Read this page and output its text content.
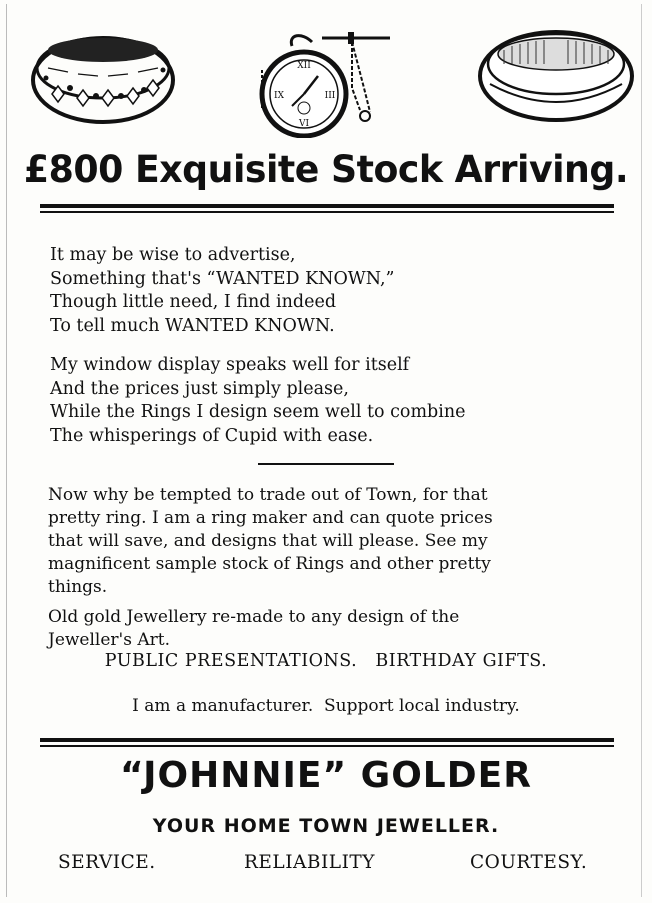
XII
III
VI
IX
£800 Exquisite Stock Arriving.
It may be wise to advertise,
Something that's “WANTED KNOWN,”
Though little need, I find indeed
To tell much WANTED KNOWN.
My window display speaks well for itself
And the prices just simply please,
While the Rings I design seem well to combine
The whisperings of Cupid with ease.
Now why be tempted to trade out of Town, for that
pretty ring. I am a ring maker and can quote prices
that will save, and designs that will please. See my
magnificent sample stock of Rings and other pretty
things.
Old gold Jewellery re-made to any design of the
Jeweller's Art.
PUBLIC PRESENTATIONS.   BIRTHDAY GIFTS.
I am a manufacturer.  Support local industry.
“JOHNNIE” GOLDER
YOUR HOME TOWN JEWELLER.
SERVICE.	RELIABILITY	COURTESY.
